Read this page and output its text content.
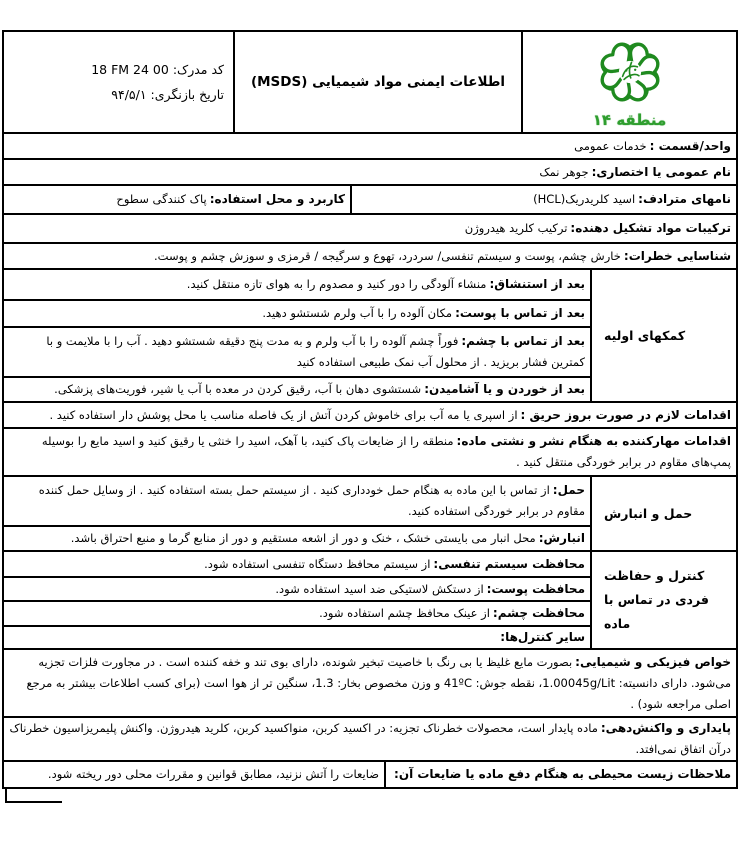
منطقه ۱۴
اطلاعات ایمنی مواد شیمیایی (MSDS)
کد مدرک: 18 FM 24 00
تاریخ بازنگری: ۹۴/۵/۱
واحد/قسمت :خدمات عمومی
نام عمومی یا اختصاری:جوهر نمک
نامهای مترادف:اسید کلریدریک(HCL)
کاربرد و محل استفاده:پاک کنندگی سطوح
ترکیبات مواد تشکیل دهنده:ترکیب کلرید هیدروژن
شناسایی خطرات:خارش چشم، پوست و سیستم تنفسی/ سردرد، تهوع و سرگیجه / قرمزی و سوزش چشم و پوست.
کمکهای اولیه
بعد از استنشاق:منشاء آلودگی را دور کنید و مصدوم را به هوای تازه منتقل کنید.
بعد از تماس با پوست:مکان آلوده را با آب ولرم شستشو دهید.
بعد از تماس با چشم:فوراً چشم آلوده را با آب ولرم و به مدت پنج دقیقه شستشو دهید . آب را با ملایمت و با کمترین فشار بریزید . از محلول آب نمک طبیعی استفاده کنید
بعد از خوردن و یا آشامیدن:شستشوی دهان با آب، رقیق کردن در معده با آب یا شیر، فوریت‌های پزشکی.
اقدامات لازم در صورت بروز حریق :از اسپری یا مه آب برای خاموش کردن آتش از یک فاصله مناسب یا محل پوشش دار استفاده کنید .
اقدامات مهارکننده به هنگام نشر و نشتی ماده:منطقه را از ضایعات پاک کنید، با آهک، اسید را خنثی یا رقیق کنید و اسید مایع را بوسیله پمپ‌های مقاوم در برابر خوردگی منتقل کنید .
حمل و انبارش
حمل:از تماس با این ماده به هنگام حمل خودداری کنید . از سیستم حمل بسته استفاده کنید . از وسایل حمل کننده مقاوم در برابر خوردگی استفاده کنید.
انبارش:محل انبار می بایستی خشک ، خنک و دور از اشعه مستقیم و دور از منابع گرما و منبع احتراق باشد.
کنترل و حفاظت فردی در تماس با ماده
محافظت سیستم تنفسی:از سیستم محافظ دستگاه تنفسی استفاده شود.
محافظت پوست:از دستکش لاستیکی ضد اسید استفاده شود.
محافظت چشم:از عینک محافظ چشم استفاده شود.
سایر کنترل‌ها:
خواص فیزیکی و شیمیایی:بصورت مایع غلیظ یا بی رنگ با خاصیت تبخیر شونده، دارای بوی تند و خفه کننده است . در مجاورت فلزات تجزیه می‌شود. دارای دانسیته: 1.00045g/Lit، نقطه جوش: 41ºC و وزن مخصوص بخار: 1.3، سنگین تر از هوا است (برای کسب اطلاعات بیشتر به مرجع اصلی مراجعه شود) .
پایداری و واکنش‌دهی:ماده پایدار است، محصولات خطرناک تجزیه: در اکسید کربن، منواکسید کربن، کلرید هیدروژن. واکنش پلیمریزاسیون خطرناک درآن اتفاق نمی‌افتد.
ملاحظات زیست محیطی به هنگام دفع ماده یا ضایعات آن:
ضایعات را آتش نزنید، مطابق قوانین و مقررات محلی دور ریخته شود.
